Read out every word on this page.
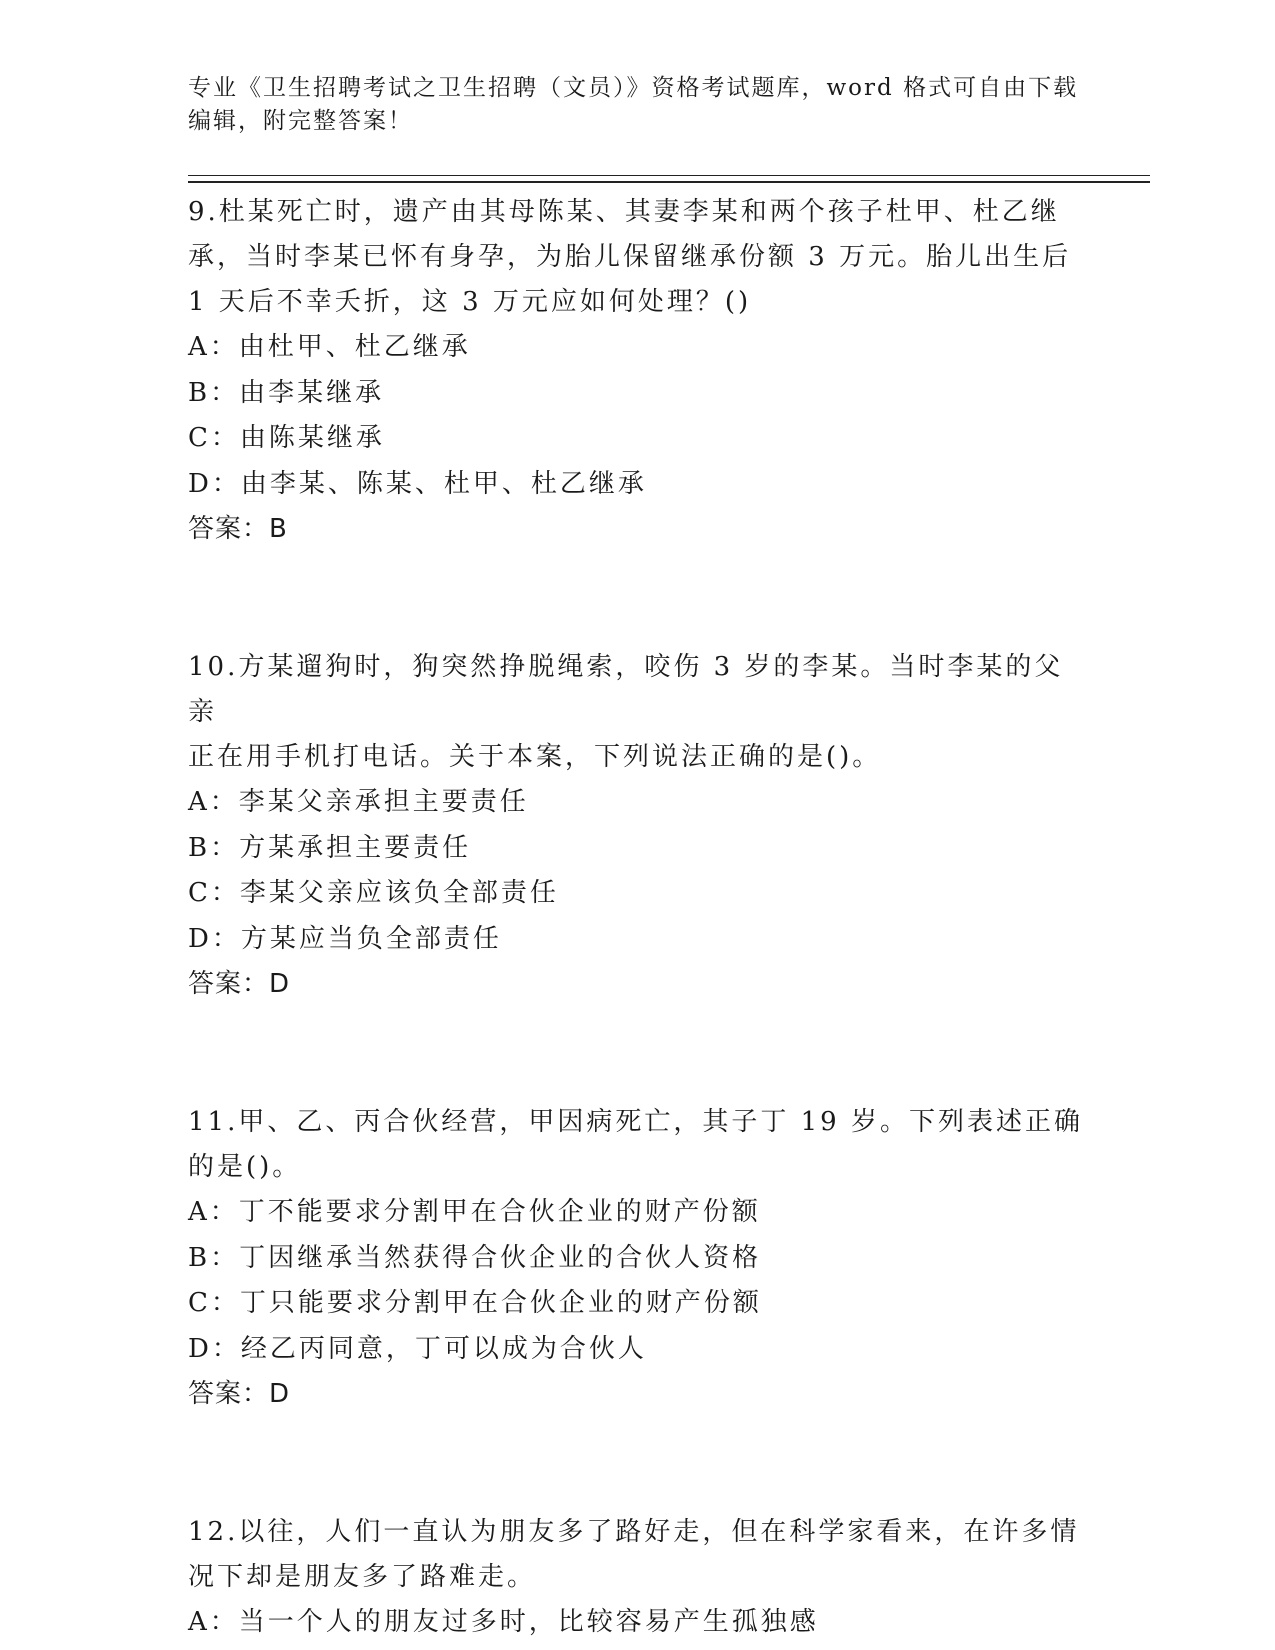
专业《卫生招聘考试之卫生招聘（文员）》资格考试题库，word 格式可自由下载
编辑，附完整答案！

9.杜某死亡时，遗产由其母陈某、其妻李某和两个孩子杜甲、杜乙继

承，当时李某已怀有身孕，为胎儿保留继承份额 3 万元。胎儿出生后

1 天后不幸夭折，这 3 万元应如何处理？()

A：由杜甲、杜乙继承

B：由李某继承

C：由陈某继承

D：由李某、陈某、杜甲、杜乙继承

答案：B

10.方某遛狗时，狗突然挣脱绳索，咬伤 3 岁的李某。当时李某的父亲

正在用手机打电话。关于本案，下列说法正确的是()。

A：李某父亲承担主要责任

B：方某承担主要责任

C：李某父亲应该负全部责任

D：方某应当负全部责任

答案：D

11.甲、乙、丙合伙经营，甲因病死亡，其子丁 19 岁。下列表述正确

的是()。

A：丁不能要求分割甲在合伙企业的财产份额

B：丁因继承当然获得合伙企业的合伙人资格

C：丁只能要求分割甲在合伙企业的财产份额

D：经乙丙同意，丁可以成为合伙人

答案：D

12.以往，人们一直认为朋友多了路好走，但在科学家看来，在许多情

况下却是朋友多了路难走。

A：当一个人的朋友过多时，比较容易产生孤独感
